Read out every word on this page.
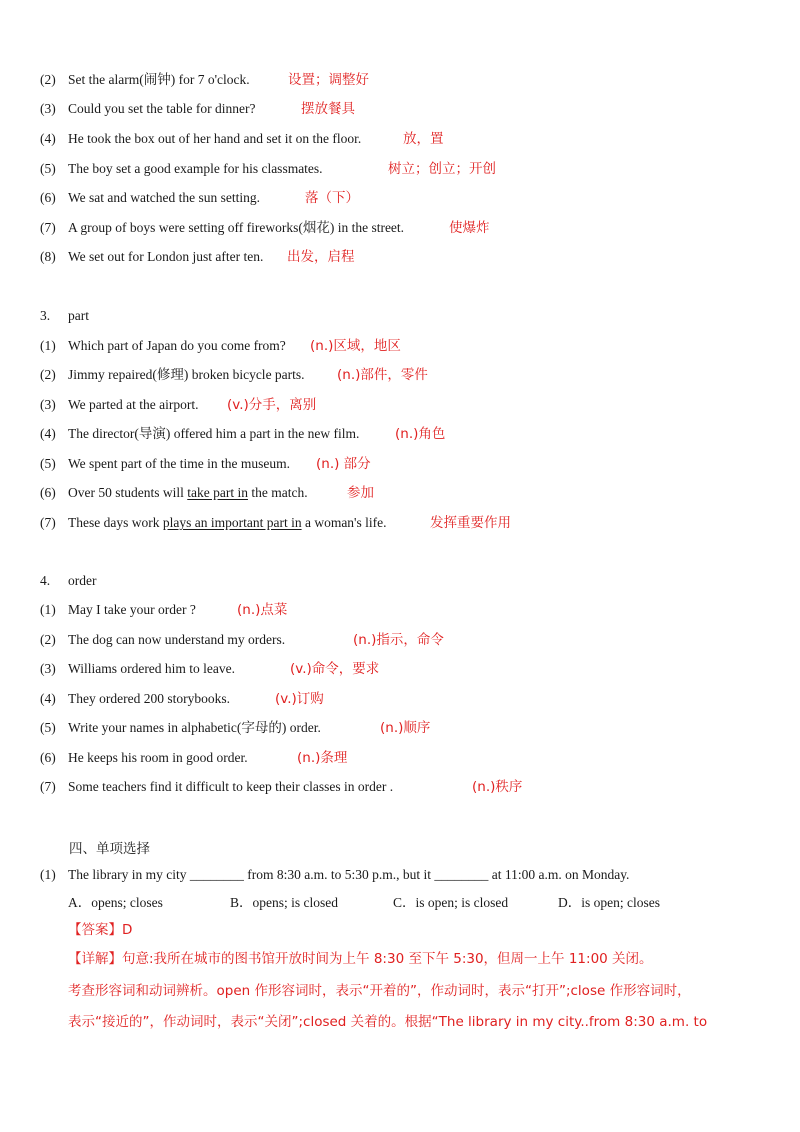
(2) Set the alarm(闹钟) for 7 o'clock.	设置；调整好
(3) Could you set the table for dinner?	摆放餐具
(4) He took the box out of her hand and set it on the floor.	放，置
(5) The boy set a good example for his classmates.	树立；创立；开创
(6) We sat and watched the sun setting.	落（下）
(7) A group of boys were setting off fireworks(烟花) in the street.	使爆炸
(8) We set out for London just after ten. 出发，启程
3. part
(1) Which part of Japan do you come from? (n.)区域，地区
(2) Jimmy repaired(修理) broken bicycle parts. (n.)部件，零件
(3) We parted at the airport. (v.)分手，离别
(4) The director(导演) offered him a part in the new film.	(n.)角色
(5) We spent part of the time in the museum. (n.) 部分
(6) Over 50 students will take part in the match.	参加
(7) These days work plays an important part in a woman's life.	发挥重要作用
4. order
(1) May I take your order ?	(n.)点菜
(2) The dog can now understand my orders.	(n.)指示，命令
(3) Williams ordered him to leave.	(v.)命令，要求
(4) They ordered 200 storybooks.	(v.)订购
(5) Write your names in alphabetic(字母的) order.	(n.)顺序
(6) He keeps his room in good order.	(n.)条理
(7) Some teachers find it difficult to keep their classes in order .	(n.)秩序
四、单项选择
(1) The library in my city ________ from 8:30 a.m. to 5:30 p.m., but it ________ at 11:00 a.m. on Monday.
A．opens; closes	B．opens; is closed	C．is open; is closed	D．is open; closes
【答案】D
【详解】句意:我所在城市的图书馆开放时间为上午 8:30 至下午 5:30，但周一上午 11:00 关闭。
考查形容词和动词辨析。open 作形容词时，表示“开着的”，作动词时，表示“打开”;close 作形容词时，
表示“接近的”，作动词时，表示“关闭”;closed 关着的。根据“The library in my city..from 8:30 a.m. to
